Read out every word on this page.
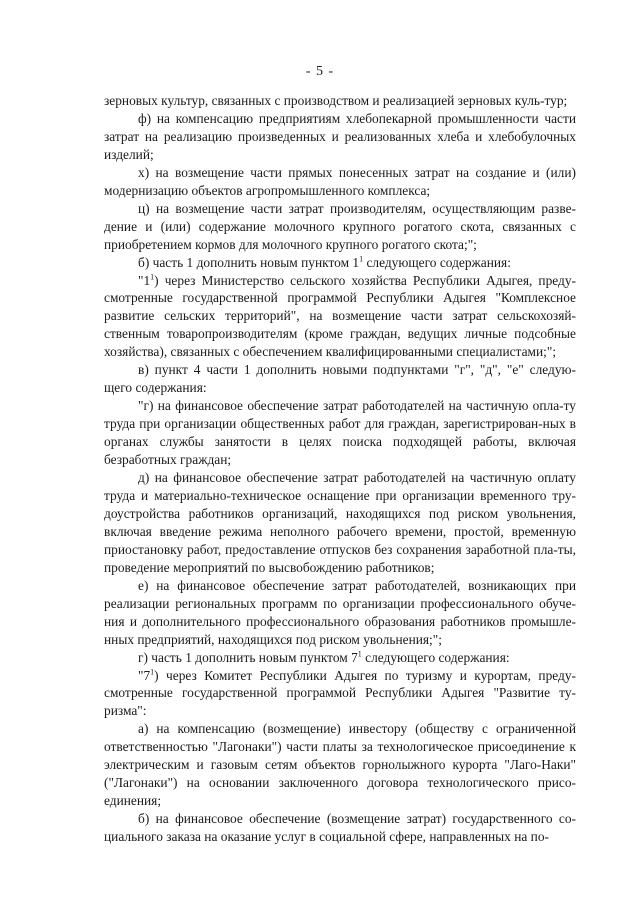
- 5 -

зерновых культур, связанных с производством и реализацией зерновых куль-тур;

ф) на компенсацию предприятиям хлебопекарной промышленности части затрат на реализацию произведенных и реализованных хлеба и хлебобулочных изделий;

х) на возмещение части прямых понесенных затрат на создание и (или) модернизацию объектов агропромышленного комплекса;

ц) на возмещение части затрат производителям, осуществляющим разве-дение и (или) содержание молочного крупного рогатого скота, связанных с приобретением кормов для молочного крупного рогатого скота;";

б) часть 1 дополнить новым пунктом $1^1$ следующего содержания:

"$1^1$) через Министерство сельского хозяйства Республики Адыгея, преду-смотренные государственной программой Республики Адыгея "Комплексное развитие сельских территорий", на возмещение части затрат сельскохозяй-ственным товаропроизводителям (кроме граждан, ведущих личные подсобные хозяйства), связанных с обеспечением квалифицированными специалистами;";

в) пункт 4 части 1 дополнить новыми подпунктами "г", "д", "е" следую-щего содержания:

"г) на финансовое обеспечение затрат работодателей на частичную опла-ту труда при организации общественных работ для граждан, зарегистрирован-ных в органах службы занятости в целях поиска подходящей работы, включая безработных граждан;

д) на финансовое обеспечение затрат работодателей на частичную оплату труда и материально-техническое оснащение при организации временного тру-доустройства работников организаций, находящихся под риском увольнения, включая введение режима неполного рабочего времени, простой, временную приостановку работ, предоставление отпусков без сохранения заработной пла-ты, проведение мероприятий по высвобождению работников;

е) на финансовое обеспечение затрат работодателей, возникающих при реализации региональных программ по организации профессионального обуче-ния и дополнительного профессионального образования работников промышле-нных предприятий, находящихся под риском увольнения;";

г) часть 1 дополнить новым пунктом $7^1$ следующего содержания:

"$7^1$) через Комитет Республики Адыгея по туризму и курортам, преду-смотренные государственной программой Республики Адыгея "Развитие ту-ризма":

а) на компенсацию (возмещение) инвестору (обществу с ограниченной ответственностью "Лагонаки") части платы за технологическое присоединение к электрическим и газовым сетям объектов горнолыжного курорта "Лаго-Наки" ("Лагонаки") на основании заключенного договора технологического присо-единения;

б) на финансовое обеспечение (возмещение затрат) государственного со-циального заказа на оказание услуг в социальной сфере, направленных на по-
